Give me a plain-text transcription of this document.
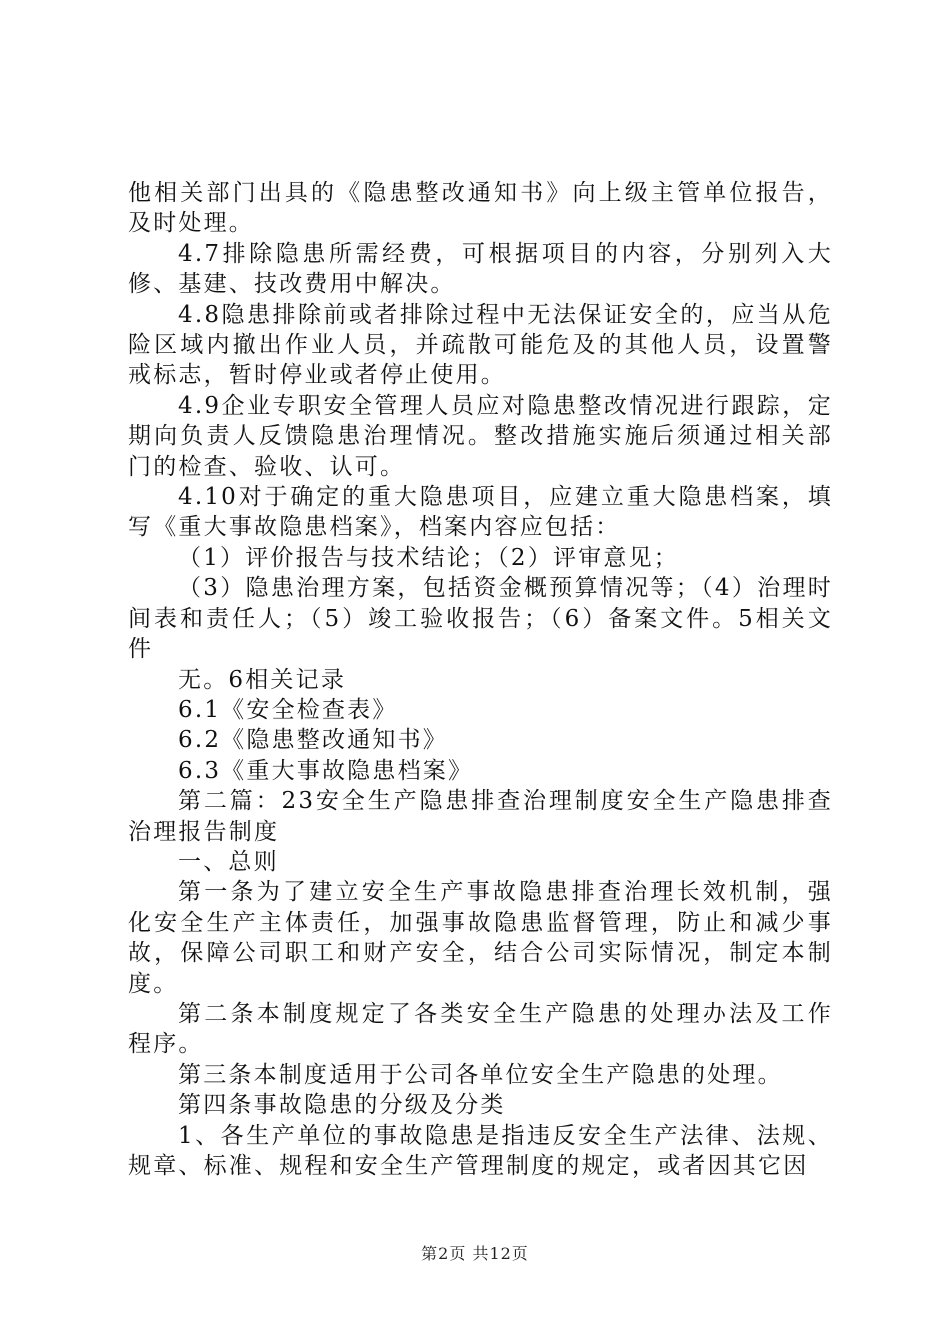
他相关部门出具的《隐患整改通知书》向上级主管单位报告，及时处理。

4.7排除隐患所需经费，可根据项目的内容，分别列入大修、基建、技改费用中解决。

4.8隐患排除前或者排除过程中无法保证安全的，应当从危险区域内撤出作业人员，并疏散可能危及的其他人员，设置警戒标志，暂时停业或者停止使用。

4.9企业专职安全管理人员应对隐患整改情况进行跟踪，定期向负责人反馈隐患治理情况。整改措施实施后须通过相关部门的检查、验收、认可。

4.10对于确定的重大隐患项目，应建立重大隐患档案，填写《重大事故隐患档案》，档案内容应包括：

（1）评价报告与技术结论；（2）评审意见；

（3）隐患治理方案，包括资金概预算情况等；（4）治理时间表和责任人；（5）竣工验收报告；（6）备案文件。5相关文件

无。6相关记录

6.1《安全检查表》

6.2《隐患整改通知书》

6.3《重大事故隐患档案》

第二篇：23安全生产隐患排查治理制度安全生产隐患排查治理报告制度

一、总则

第一条为了建立安全生产事故隐患排查治理长效机制，强化安全生产主体责任，加强事故隐患监督管理，防止和减少事故，保障公司职工和财产安全，结合公司实际情况，制定本制度。

第二条本制度规定了各类安全生产隐患的处理办法及工作程序。

第三条本制度适用于公司各单位安全生产隐患的处理。

第四条事故隐患的分级及分类

1、各生产单位的事故隐患是指违反安全生产法律、法规、规章、标准、规程和安全生产管理制度的规定，或者因其它因

第2页 共12页
